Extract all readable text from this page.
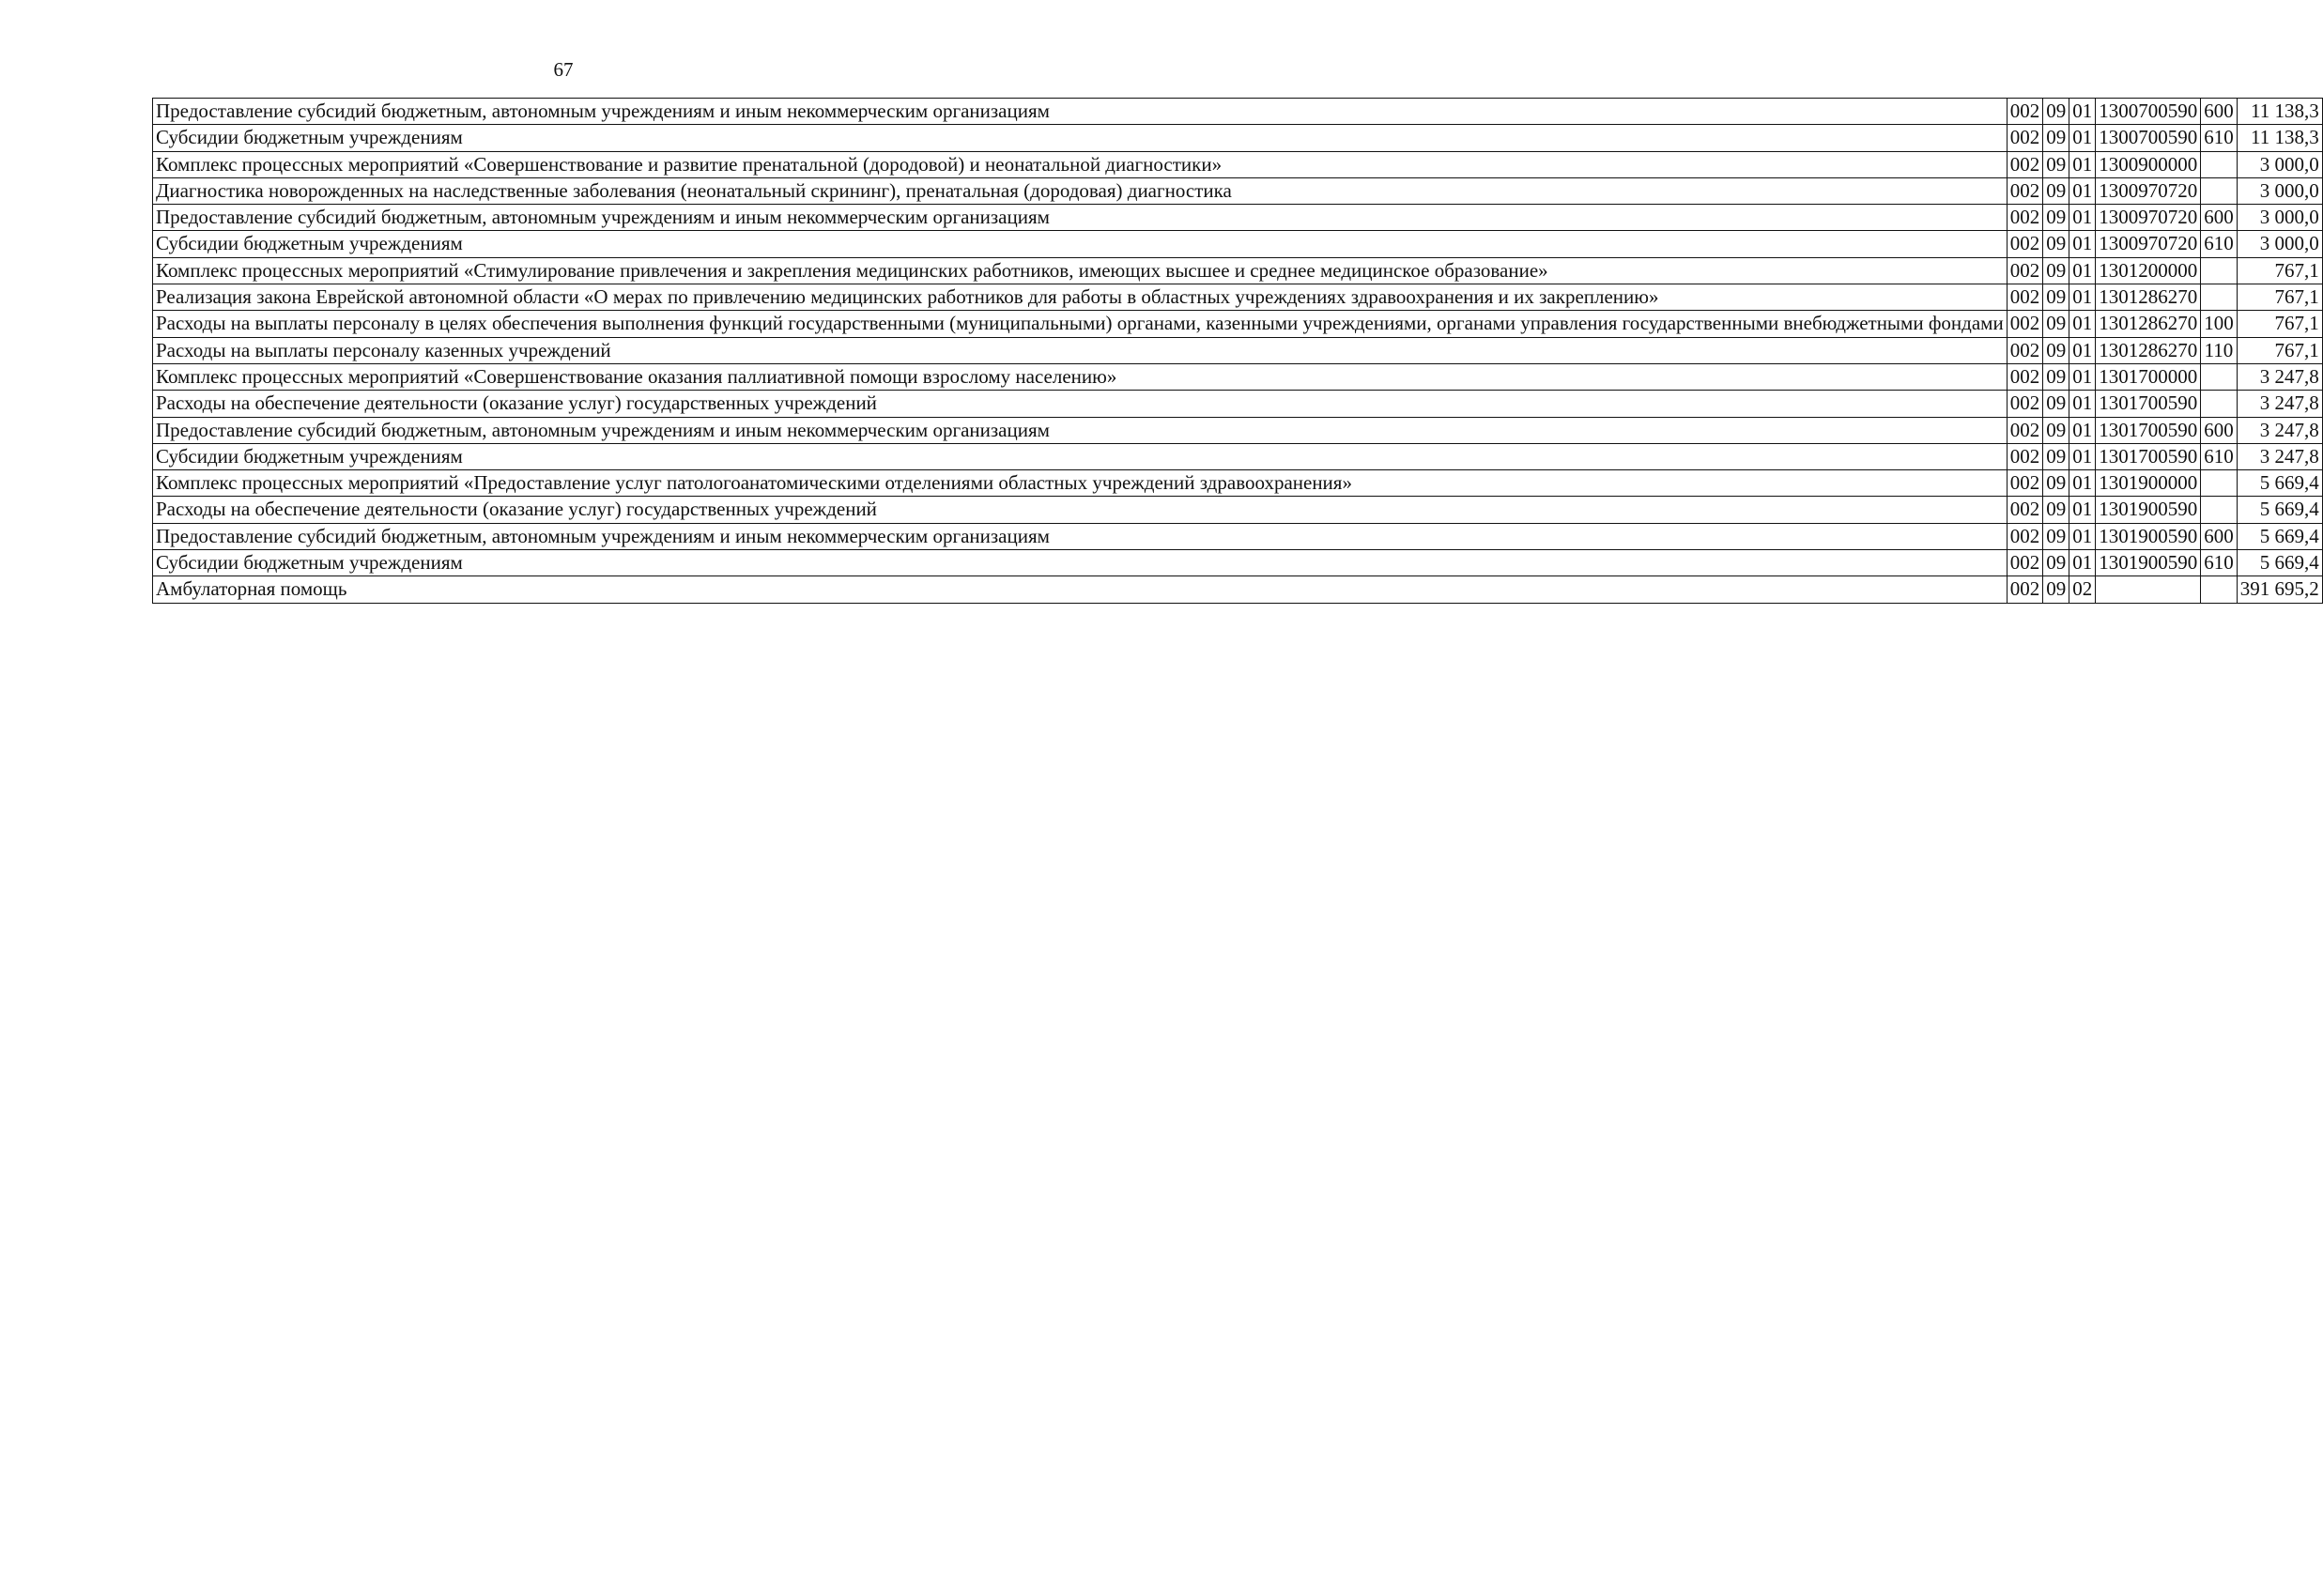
67
Предоставление субсидий бюджетным, автономным учреждениям и иным некоммерческим организациям	002	09	01	1300700590	600	11 138,3
Субсидии бюджетным учреждениям	002	09	01	1300700590	610	11 138,3
Комплекс процессных мероприятий «Совершенствование и развитие пренатальной (дородовой) и неонатальной диагностики»	002	09	01	1300900000		3 000,0
Диагностика новорожденных на наследственные заболевания (неонатальный скрининг), пренатальная (дородовая) диагностика	002	09	01	1300970720		3 000,0
Предоставление субсидий бюджетным, автономным учреждениям и иным некоммерческим организациям	002	09	01	1300970720	600	3 000,0
Субсидии бюджетным учреждениям	002	09	01	1300970720	610	3 000,0
Комплекс процессных мероприятий «Стимулирование привлечения и закрепления медицинских работников, имеющих высшее и среднее медицинское образование»	002	09	01	1301200000		767,1
Реализация закона Еврейской автономной области «О мерах по привлечению медицинских работников для работы в областных учреждениях здравоохранения и их закреплению»	002	09	01	1301286270		767,1
Расходы на выплаты персоналу в целях обеспечения выполнения функций государственными (муниципальными) органами, казенными учреждениями, органами управления государственными внебюджетными фондами	002	09	01	1301286270	100	767,1
Расходы на выплаты персоналу казенных учреждений	002	09	01	1301286270	110	767,1
Комплекс процессных мероприятий «Совершенствование оказания паллиативной помощи взрослому населению»	002	09	01	1301700000		3 247,8
Расходы на обеспечение деятельности (оказание услуг) государственных учреждений	002	09	01	1301700590		3 247,8
Предоставление субсидий бюджетным, автономным учреждениям и иным некоммерческим организациям	002	09	01	1301700590	600	3 247,8
Субсидии бюджетным учреждениям	002	09	01	1301700590	610	3 247,8
Комплекс процессных мероприятий «Предоставление услуг патологоанатомическими отделениями областных учреждений здравоохранения»	002	09	01	1301900000		5 669,4
Расходы на обеспечение деятельности (оказание услуг) государственных учреждений	002	09	01	1301900590		5 669,4
Предоставление субсидий бюджетным, автономным учреждениям и иным некоммерческим организациям	002	09	01	1301900590	600	5 669,4
Субсидии бюджетным учреждениям	002	09	01	1301900590	610	5 669,4
Амбулаторная помощь	002	09	02			391 695,2
